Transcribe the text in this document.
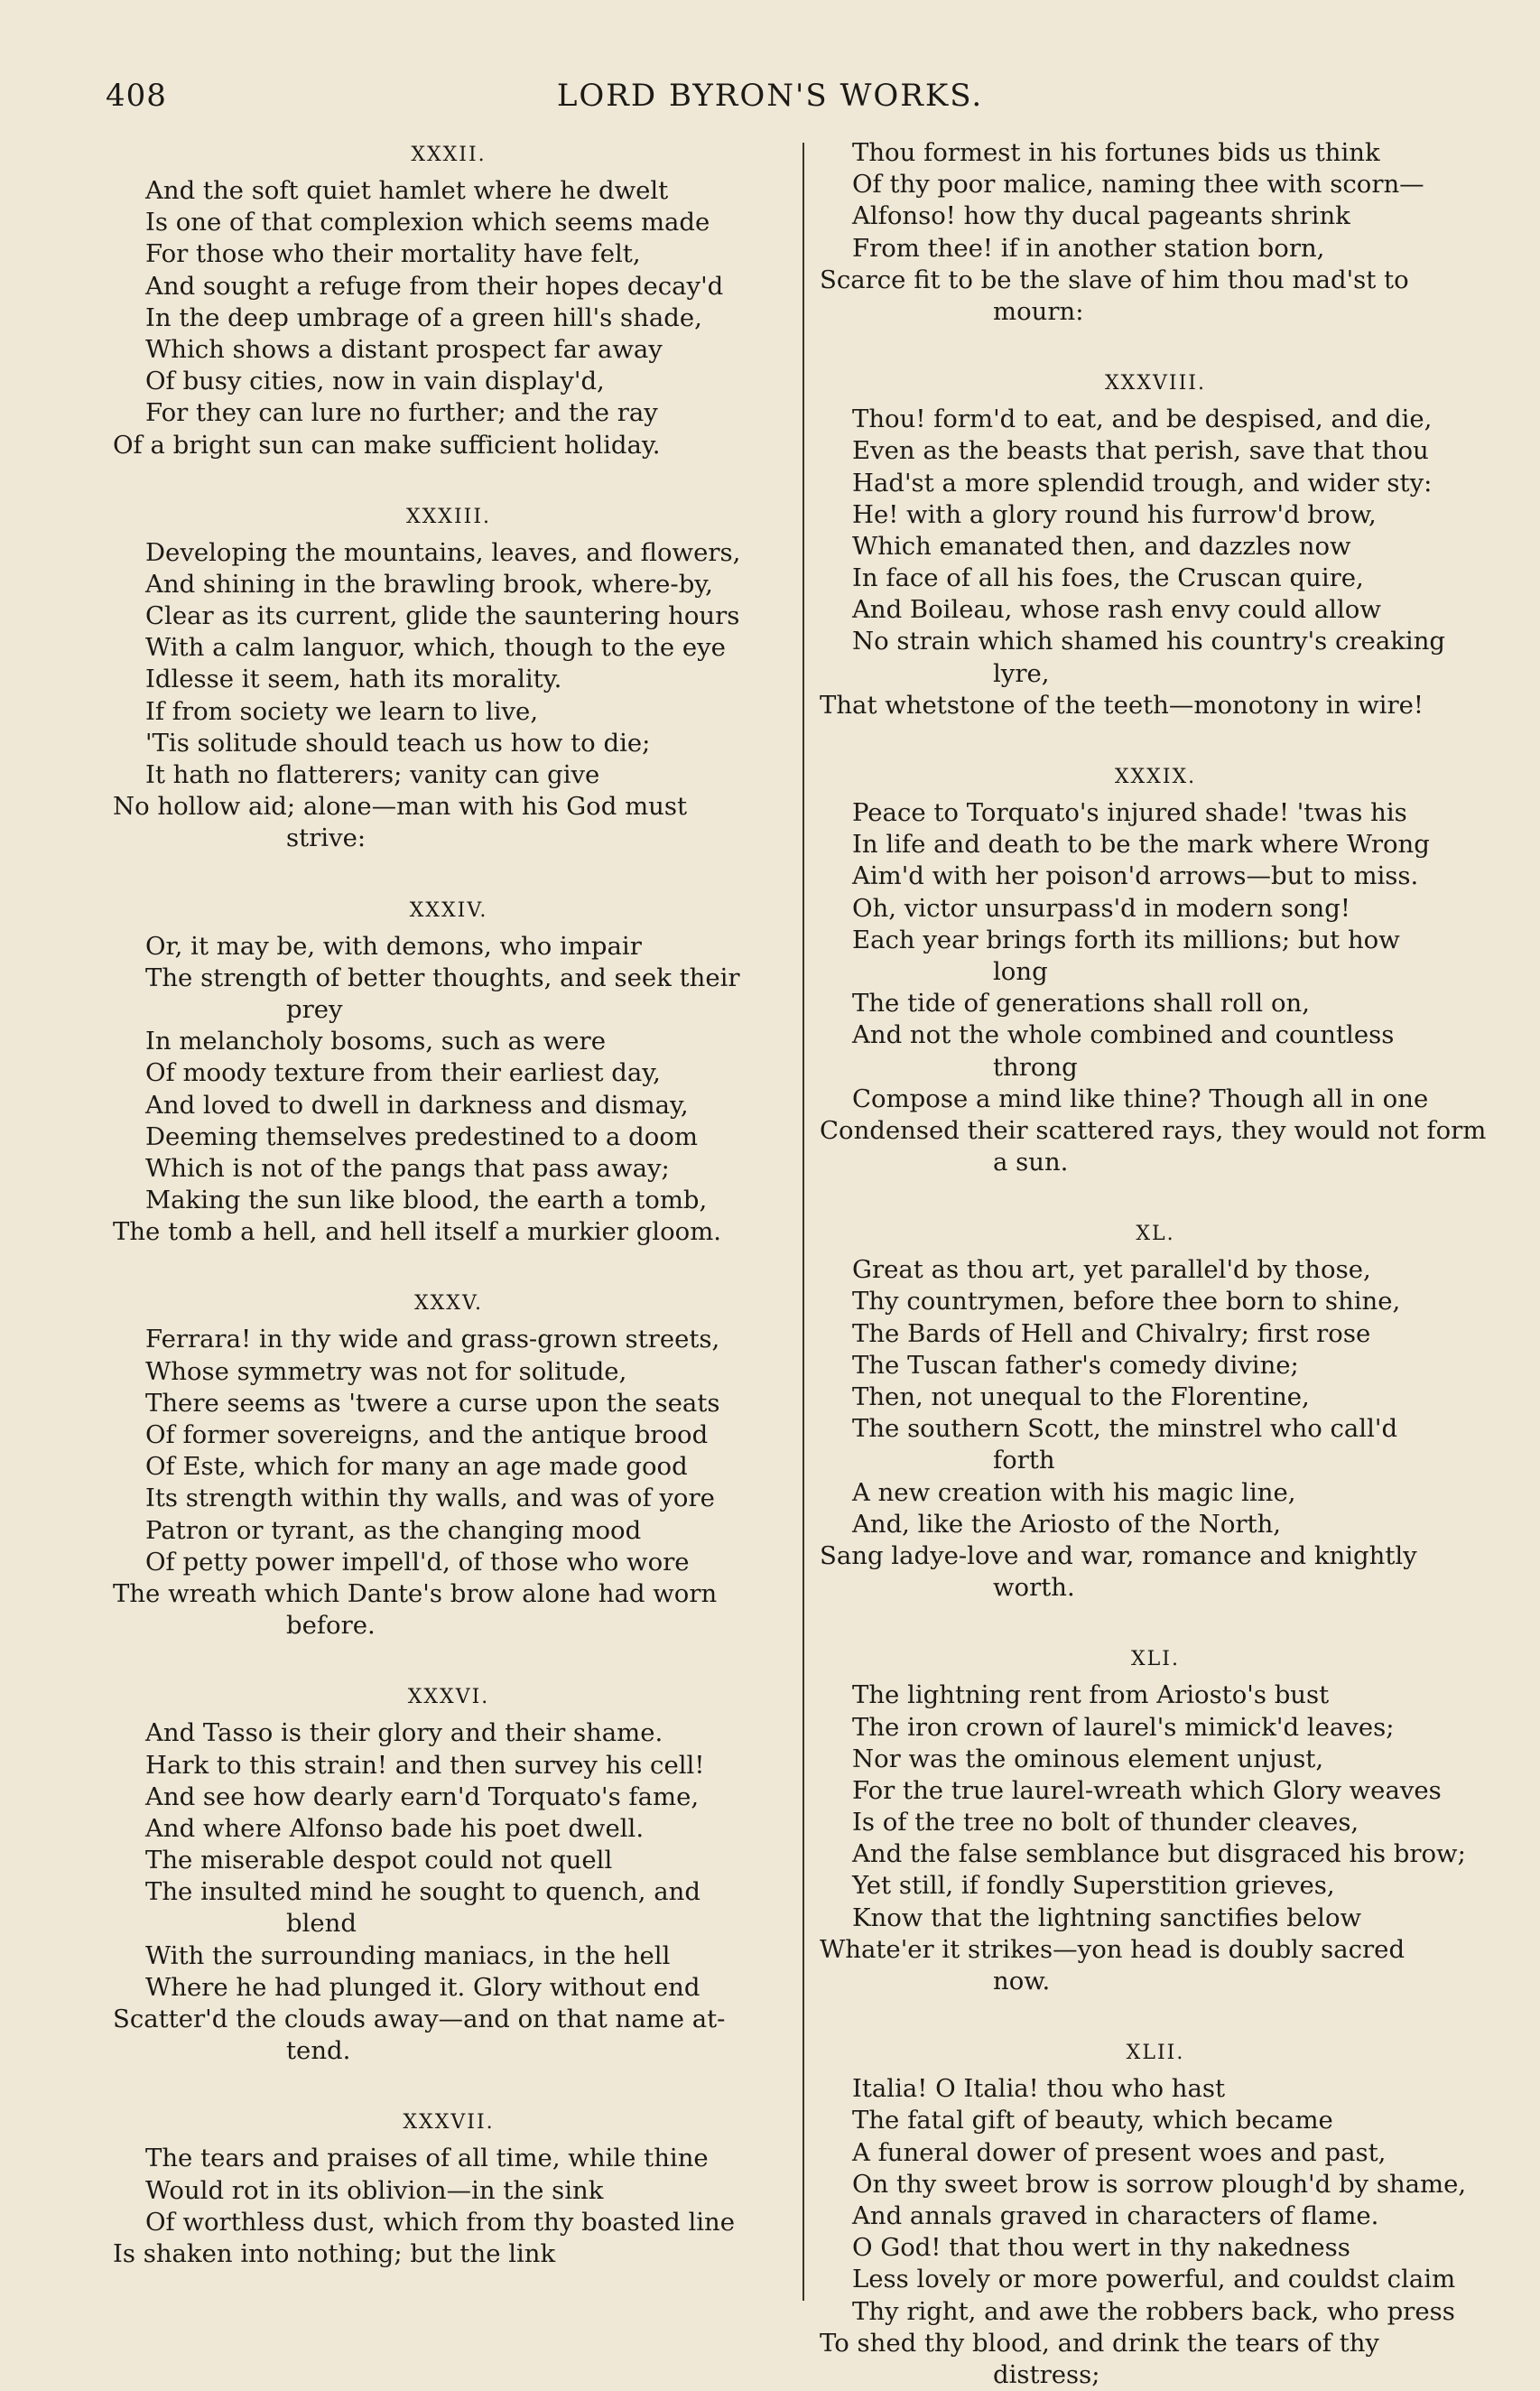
408	LORD BYRON'S WORKS.
XXXII.
And the soft quiet hamlet where he dwelt
Is one of that complexion which seems made
For those who their mortality have felt,
And sought a refuge from their hopes decay'd
In the deep umbrage of a green hill's shade,
Which shows a distant prospect far away
Of busy cities, now in vain display'd,
For they can lure no further; and the ray
Of a bright sun can make sufficient holiday.
XXXIII.
Developing the mountains, leaves, and flowers,
And shining in the brawling brook, where-by,
Clear as its current, glide the sauntering hours
With a calm languor, which, though to the eye
Idlesse it seem, hath its morality.
If from society we learn to live,
'Tis solitude should teach us how to die;
It hath no flatterers; vanity can give
No hollow aid; alone—man with his God must
strive:
XXXIV.
Or, it may be, with demons, who impair
The strength of better thoughts, and seek their
prey
In melancholy bosoms, such as were
Of moody texture from their earliest day,
And loved to dwell in darkness and dismay,
Deeming themselves predestined to a doom
Which is not of the pangs that pass away;
Making the sun like blood, the earth a tomb,
The tomb a hell, and hell itself a murkier gloom.
XXXV.
Ferrara! in thy wide and grass-grown streets,
Whose symmetry was not for solitude,
There seems as 'twere a curse upon the seats
Of former sovereigns, and the antique brood
Of Este, which for many an age made good
Its strength within thy walls, and was of yore
Patron or tyrant, as the changing mood
Of petty power impell'd, of those who wore
The wreath which Dante's brow alone had worn
before.
XXXVI.
And Tasso is their glory and their shame.
Hark to this strain! and then survey his cell!
And see how dearly earn'd Torquato's fame,
And where Alfonso bade his poet dwell.
The miserable despot could not quell
The insulted mind he sought to quench, and
blend
With the surrounding maniacs, in the hell
Where he had plunged it. Glory without end
Scatter'd the clouds away—and on that name at-
tend.
XXXVII.
The tears and praises of all time, while thine
Would rot in its oblivion—in the sink
Of worthless dust, which from thy boasted line
Is shaken into nothing; but the link
Thou formest in his fortunes bids us think
Of thy poor malice, naming thee with scorn—
Alfonso! how thy ducal pageants shrink
From thee! if in another station born,
Scarce fit to be the slave of him thou mad'st to
mourn:
XXXVIII.
Thou! form'd to eat, and be despised, and die,
Even as the beasts that perish, save that thou
Had'st a more splendid trough, and wider sty:
He! with a glory round his furrow'd brow,
Which emanated then, and dazzles now
In face of all his foes, the Cruscan quire,
And Boileau, whose rash envy could allow
No strain which shamed his country's creaking
lyre,
That whetstone of the teeth—monotony in wire!
XXXIX.
Peace to Torquato's injured shade! 'twas his
In life and death to be the mark where Wrong
Aim'd with her poison'd arrows—but to miss.
Oh, victor unsurpass'd in modern song!
Each year brings forth its millions; but how
long
The tide of generations shall roll on,
And not the whole combined and countless
throng
Compose a mind like thine? Though all in one
Condensed their scattered rays, they would not form
a sun.
XL.
Great as thou art, yet parallel'd by those,
Thy countrymen, before thee born to shine,
The Bards of Hell and Chivalry; first rose
The Tuscan father's comedy divine;
Then, not unequal to the Florentine,
The southern Scott, the minstrel who call'd
forth
A new creation with his magic line,
And, like the Ariosto of the North,
Sang ladye-love and war, romance and knightly
worth.
XLI.
The lightning rent from Ariosto's bust
The iron crown of laurel's mimick'd leaves;
Nor was the ominous element unjust,
For the true laurel-wreath which Glory weaves
Is of the tree no bolt of thunder cleaves,
And the false semblance but disgraced his brow;
Yet still, if fondly Superstition grieves,
Know that the lightning sanctifies below
Whate'er it strikes—yon head is doubly sacred
now.
XLII.
Italia! O Italia! thou who hast
The fatal gift of beauty, which became
A funeral dower of present woes and past,
On thy sweet brow is sorrow plough'd by shame,
And annals graved in characters of flame.
O God! that thou wert in thy nakedness
Less lovely or more powerful, and couldst claim
Thy right, and awe the robbers back, who press
To shed thy blood, and drink the tears of thy
distress;
